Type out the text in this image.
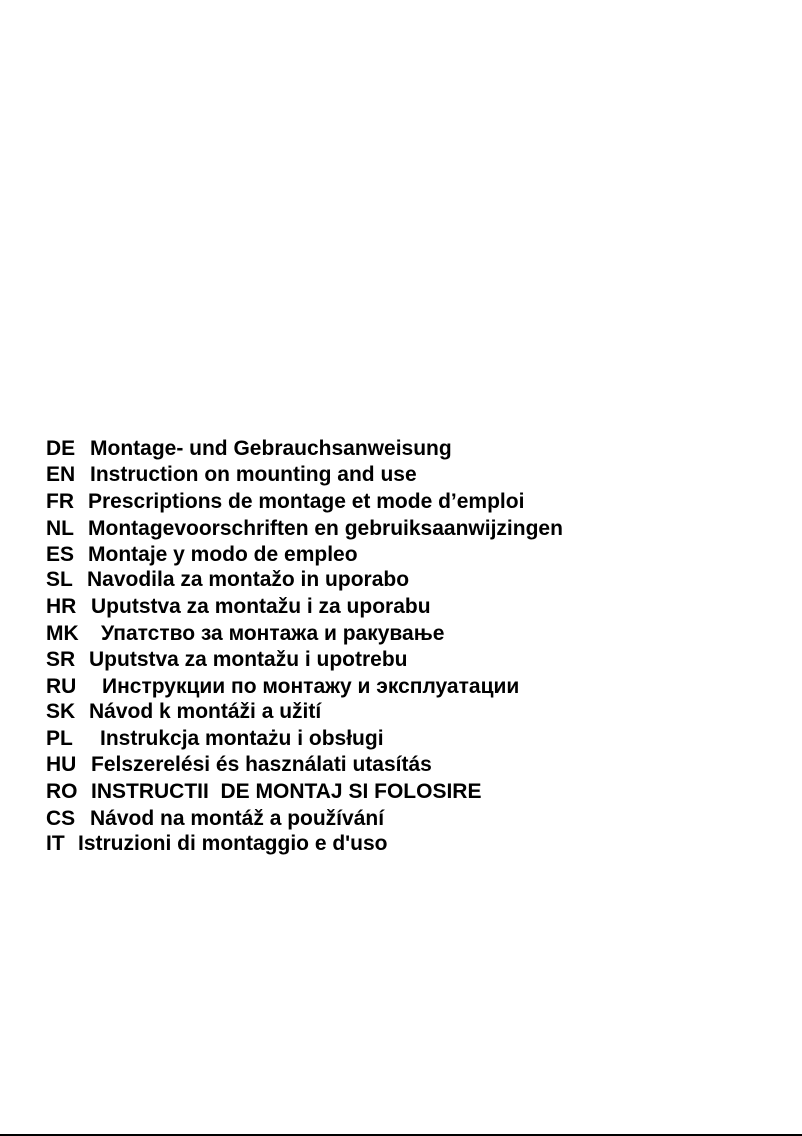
DE Montage- und Gebrauchsanweisung
EN Instruction on mounting and use
FR Prescriptions de montage et mode d’emploi
NL Montagevoorschriften en gebruiksaanwijzingen
ES Montaje y modo de empleo
SL Navodila za montažo in uporabo
HR Uputstva za montažu i za uporabu
MK Упатство за монтажа и ракување
SR Uputstva za montažu i upotrebu
RU Инструкции по монтажу и эксплуатации
SK Návod k montáži a užití
PL Instrukcja montażu i obsługi
HU Felszerelési és használati utasítás
RO INSTRUCTII  DE MONTAJ SI FOLOSIRE
CS Návod na montáž a používání
IT Istruzioni di montaggio e d'uso
